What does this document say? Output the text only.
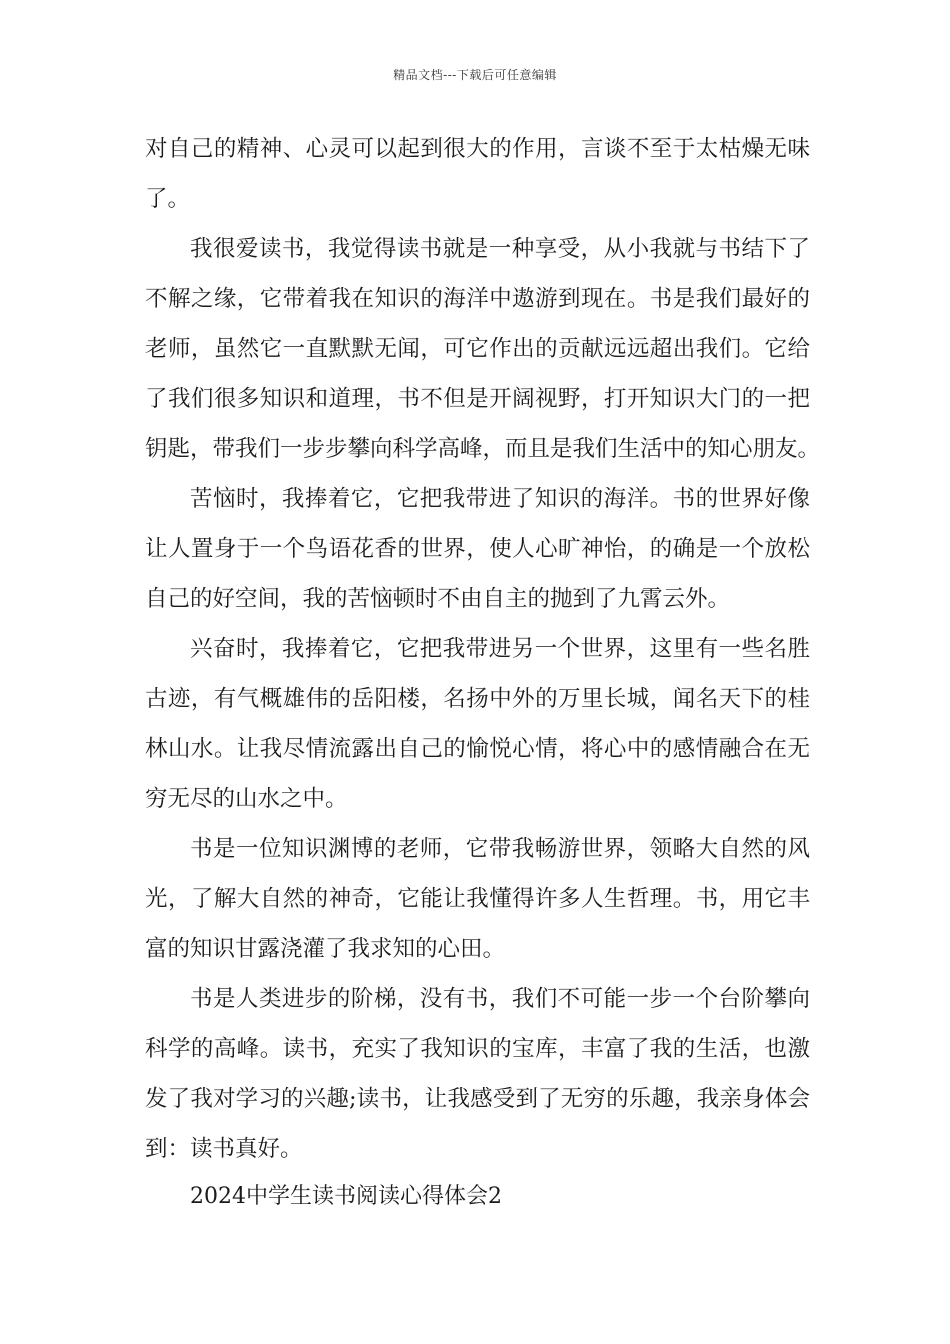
精品文档---下载后可任意编辑
对自己的精神、心灵可以起到很大的作用，言谈不至于太枯燥无味
了。
我很爱读书，我觉得读书就是一种享受，从小我就与书结下了
不解之缘，它带着我在知识的海洋中遨游到现在。书是我们最好的
老师，虽然它一直默默无闻，可它作出的贡献远远超出我们。它给
了我们很多知识和道理，书不但是开阔视野，打开知识大门的一把
钥匙，带我们一步步攀向科学高峰，而且是我们生活中的知心朋友。
苦恼时，我捧着它，它把我带进了知识的海洋。书的世界好像
让人置身于一个鸟语花香的世界，使人心旷神怡，的确是一个放松
自己的好空间，我的苦恼顿时不由自主的抛到了九霄云外。
兴奋时，我捧着它，它把我带进另一个世界，这里有一些名胜
古迹，有气概雄伟的岳阳楼，名扬中外的万里长城，闻名天下的桂
林山水。让我尽情流露出自己的愉悦心情，将心中的感情融合在无
穷无尽的山水之中。
书是一位知识渊博的老师，它带我畅游世界，领略大自然的风
光，了解大自然的神奇，它能让我懂得许多人生哲理。书，用它丰
富的知识甘露浇灌了我求知的心田。
书是人类进步的阶梯，没有书，我们不可能一步一个台阶攀向
科学的高峰。读书，充实了我知识的宝库，丰富了我的生活，也激
发了我对学习的兴趣;读书，让我感受到了无穷的乐趣，我亲身体会
到：读书真好。
2024中学生读书阅读心得体会2
